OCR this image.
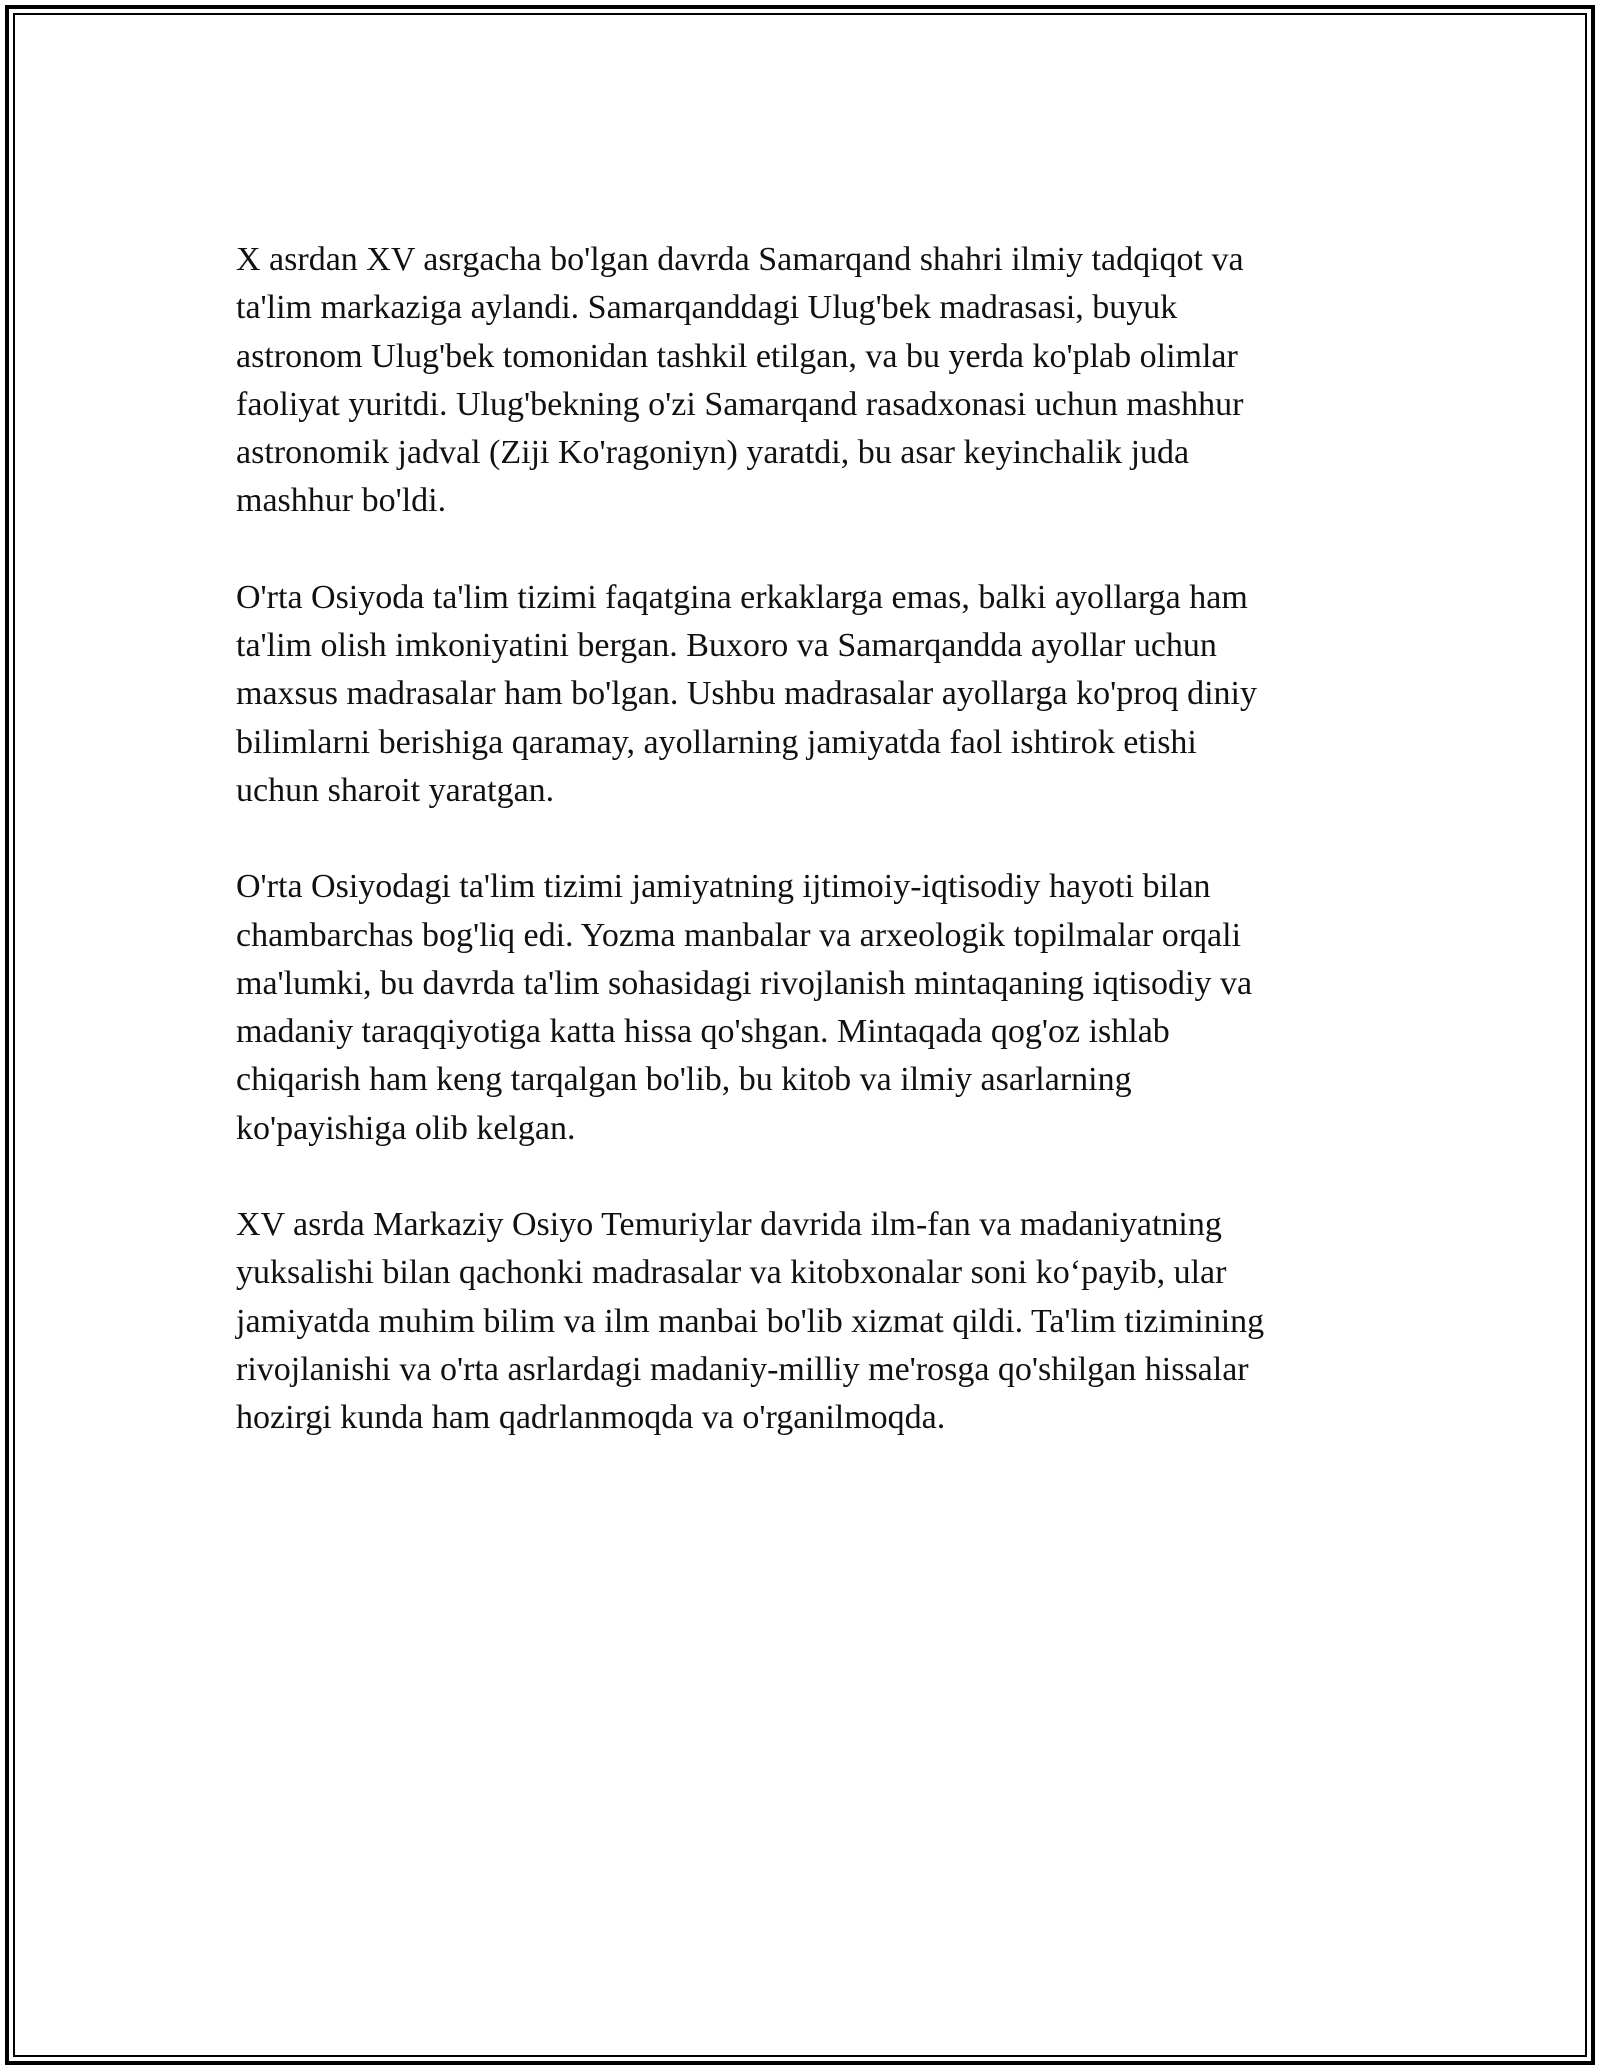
X asrdan XV asrgacha bo'lgan davrda Samarqand shahri ilmiy tadqiqot va
ta'lim markaziga aylandi. Samarqanddagi Ulug'bek madrasasi, buyuk
astronom Ulug'bek tomonidan tashkil etilgan, va bu yerda ko'plab olimlar
faoliyat yuritdi. Ulug'bekning o'zi Samarqand rasadxonasi uchun mashhur
astronomik jadval (Ziji Ko'ragoniyn) yaratdi, bu asar keyinchalik juda
mashhur bo'ldi.

O'rta Osiyoda ta'lim tizimi faqatgina erkaklarga emas, balki ayollarga ham
ta'lim olish imkoniyatini bergan. Buxoro va Samarqandda ayollar uchun
maxsus madrasalar ham bo'lgan. Ushbu madrasalar ayollarga ko'proq diniy
bilimlarni berishiga qaramay, ayollarning jamiyatda faol ishtirok etishi
uchun sharoit yaratgan.

O'rta Osiyodagi ta'lim tizimi jamiyatning ijtimoiy-iqtisodiy hayoti bilan
chambarchas bog'liq edi. Yozma manbalar va arxeologik topilmalar orqali
ma'lumki, bu davrda ta'lim sohasidagi rivojlanish mintaqaning iqtisodiy va
madaniy taraqqiyotiga katta hissa qo'shgan. Mintaqada qog'oz ishlab
chiqarish ham keng tarqalgan bo'lib, bu kitob va ilmiy asarlarning
ko'payishiga olib kelgan.

XV asrda Markaziy Osiyo Temuriylar davrida ilm-fan va madaniyatning
yuksalishi bilan qachonki madrasalar va kitobxonalar soni ko‘payib, ular
jamiyatda muhim bilim va ilm manbai bo'lib xizmat qildi. Ta'lim tizimining
rivojlanishi va o'rta asrlardagi madaniy-milliy me'rosga qo'shilgan hissalar
hozirgi kunda ham qadrlanmoqda va o'rganilmoqda.
